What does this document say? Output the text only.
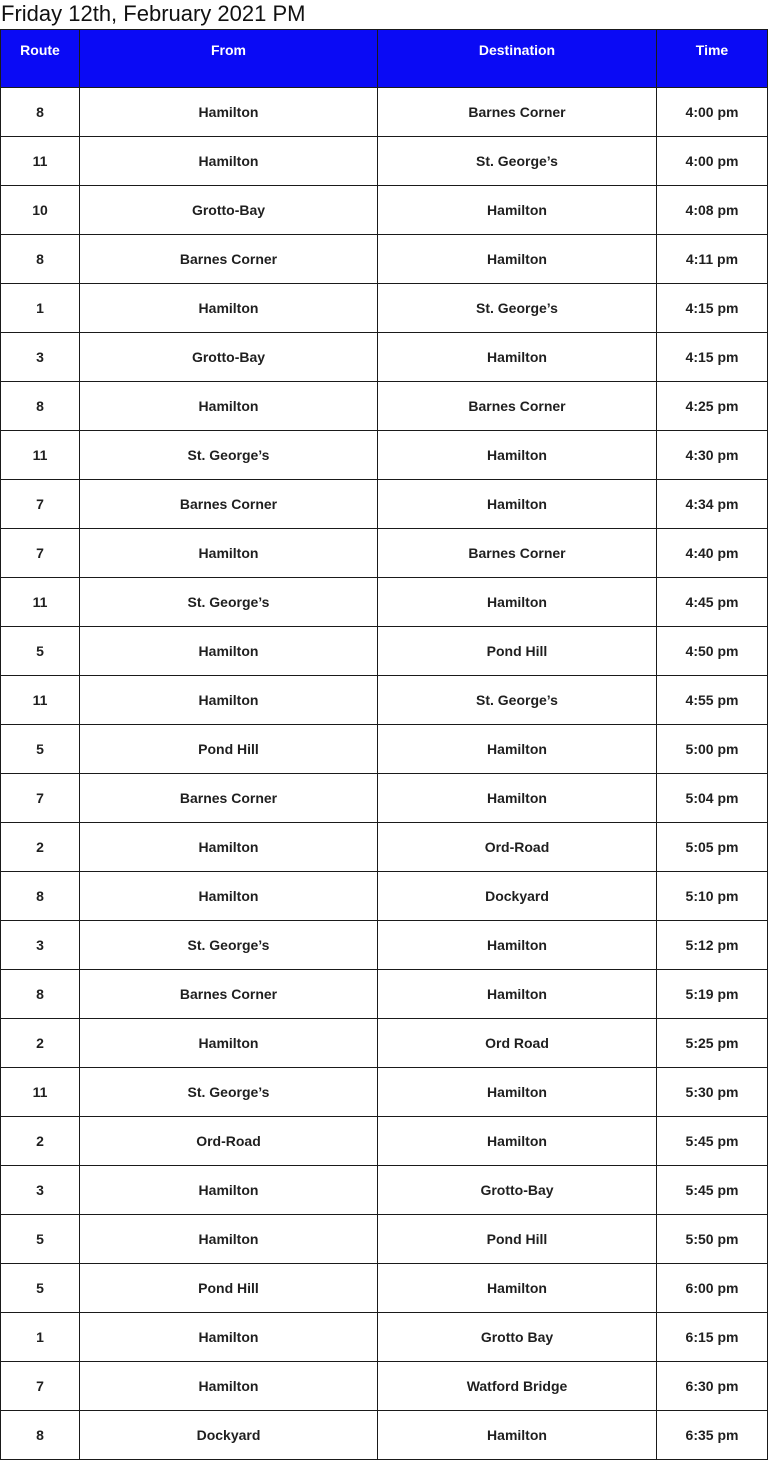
Friday 12th, February 2021 PM
Route	From	Destination	Time
8	Hamilton	Barnes Corner	4:00 pm
11	Hamilton	St. George’s	4:00 pm
10	Grotto-Bay	Hamilton	4:08 pm
8	Barnes Corner	Hamilton	4:11 pm
1	Hamilton	St. George’s	4:15 pm
3	Grotto-Bay	Hamilton	4:15 pm
8	Hamilton	Barnes Corner	4:25 pm
11	St. George’s	Hamilton	4:30 pm
7	Barnes Corner	Hamilton	4:34 pm
7	Hamilton	Barnes Corner	4:40 pm
11	St. George’s	Hamilton	4:45 pm
5	Hamilton	Pond Hill	4:50 pm
11	Hamilton	St. George’s	4:55 pm
5	Pond Hill	Hamilton	5:00 pm
7	Barnes Corner	Hamilton	5:04 pm
2	Hamilton	Ord-Road	5:05 pm
8	Hamilton	Dockyard	5:10 pm
3	St. George’s	Hamilton	5:12 pm
8	Barnes Corner	Hamilton	5:19 pm
2	Hamilton	Ord Road	5:25 pm
11	St. George’s	Hamilton	5:30 pm
2	Ord-Road	Hamilton	5:45 pm
3	Hamilton	Grotto-Bay	5:45 pm
5	Hamilton	Pond Hill	5:50 pm
5	Pond Hill	Hamilton	6:00 pm
1	Hamilton	Grotto Bay	6:15 pm
7	Hamilton	Watford Bridge	6:30 pm
8	Dockyard	Hamilton	6:35 pm
